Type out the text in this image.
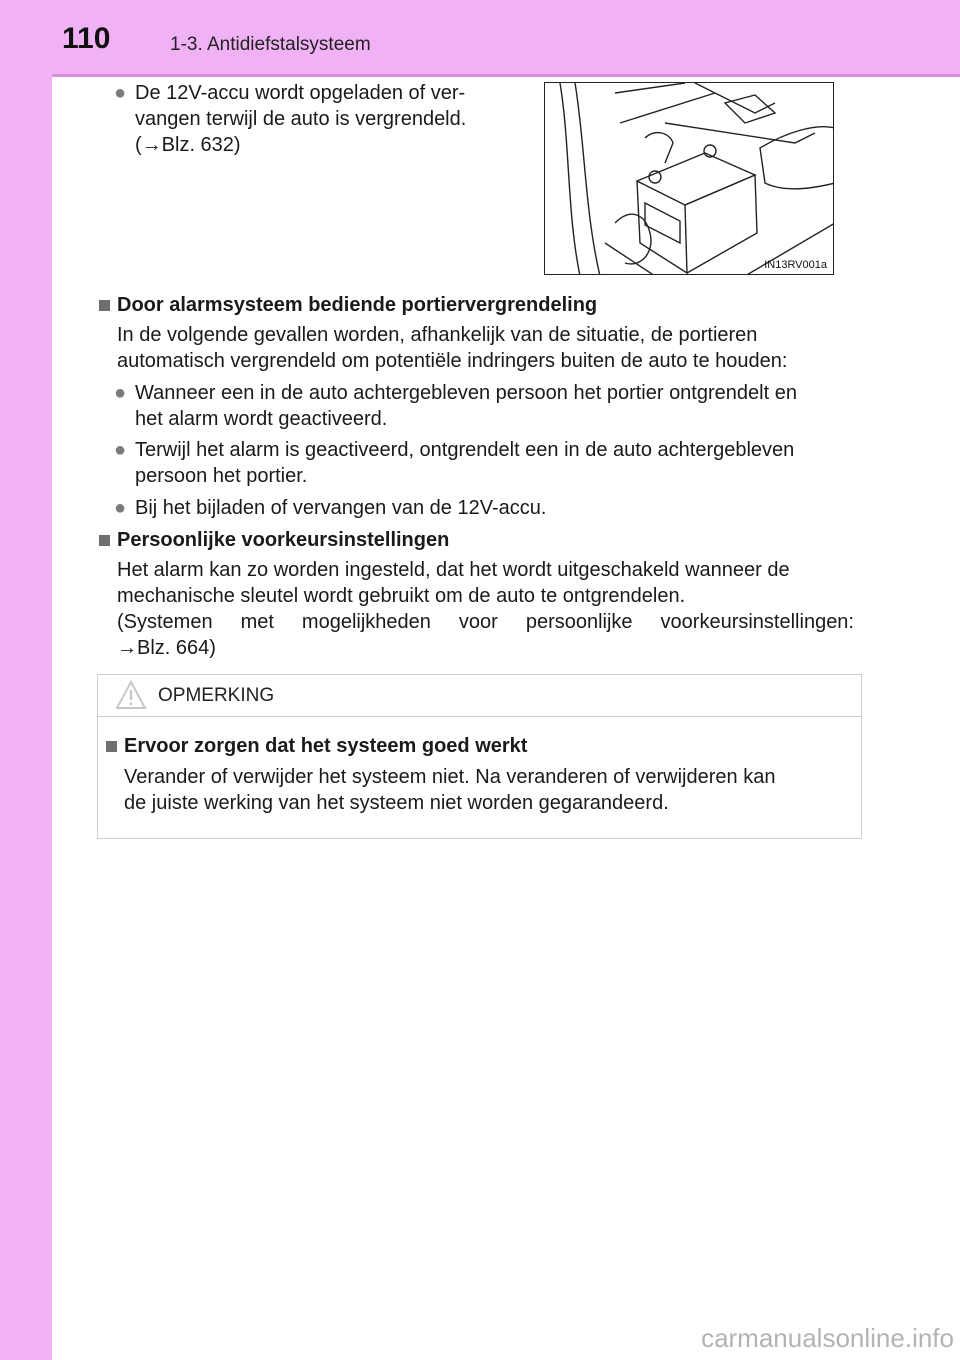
110	1-3. Antidiefstalsysteem
● De 12V-accu wordt opgeladen of ver-
vangen terwijl de auto is vergrendeld.
(→Blz. 632)
IN13RV001a
Door alarmsysteem bediende portiervergrendeling
In de volgende gevallen worden, afhankelijk van de situatie, de portieren
automatisch vergrendeld om potentiële indringers buiten de auto te houden:
● Wanneer een in de auto achtergebleven persoon het portier ontgrendelt en
het alarm wordt geactiveerd.
● Terwijl het alarm is geactiveerd, ontgrendelt een in de auto achtergebleven
persoon het portier.
● Bij het bijladen of vervangen van de 12V-accu.
Persoonlijke voorkeursinstellingen
Het alarm kan zo worden ingesteld, dat het wordt uitgeschakeld wanneer de
mechanische sleutel wordt gebruikt om de auto te ontgrendelen.
(Systemen met mogelijkheden voor persoonlijke voorkeursinstellingen:
→Blz. 664)
OPMERKING
Ervoor zorgen dat het systeem goed werkt
Verander of verwijder het systeem niet. Na veranderen of verwijderen kan
de juiste werking van het systeem niet worden gegarandeerd.
carmanualsonline.info
